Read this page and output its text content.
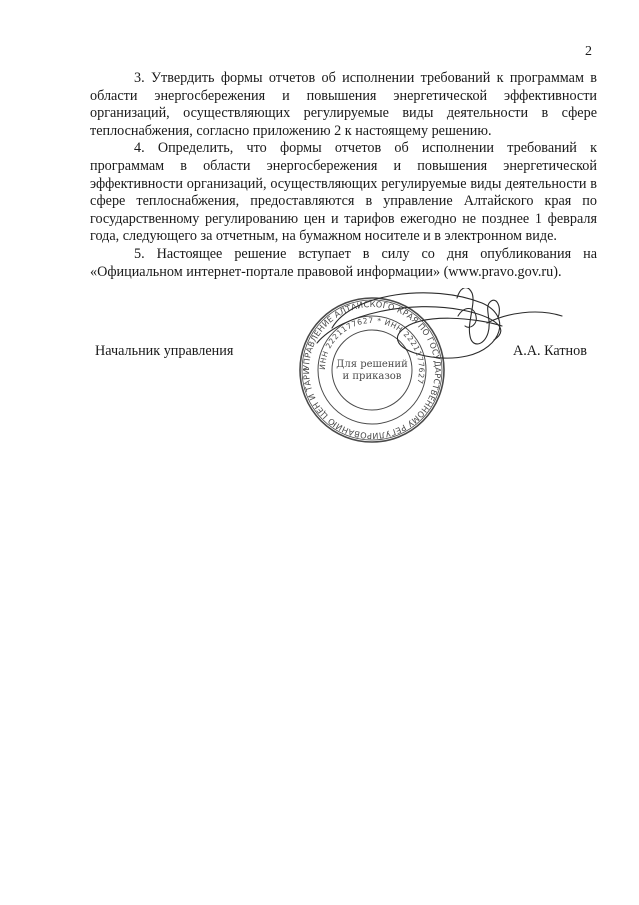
2

3. Утвердить формы отчетов об исполнении требований к программам в области энергосбережения и повышения энергетической эффективности организаций, осуществляющих регулируемые виды деятельности в сфере теплоснабжения, согласно приложению 2 к настоящему решению.

4. Определить, что формы отчетов об исполнении требований к программам в области энергосбережения и повышения энергетической эффективности организаций, осуществляющих регулируемые виды деятельности в сфере теплоснабжения, предоставляются в управление Алтайского края по государственному регулированию цен и тарифов ежегодно не позднее 1 февраля года, следующего за отчетным, на бумажном носителе и в электронном виде.

5. Настоящее решение вступает в силу со дня опубликования на «Официальном интернет-портале правовой информации» (www.pravo.gov.ru).

Начальник управления
УПРАВЛЕНИЕ АЛТАЙСКОГО КРАЯ ПО ГОСУДАРСТВЕННОМУ РЕГУЛИРОВАНИЮ ЦЕН И ТАРИ
ИНН 2221177627 * ИНН 2221177627
Для решений
и приказов
А.А. Катнов
